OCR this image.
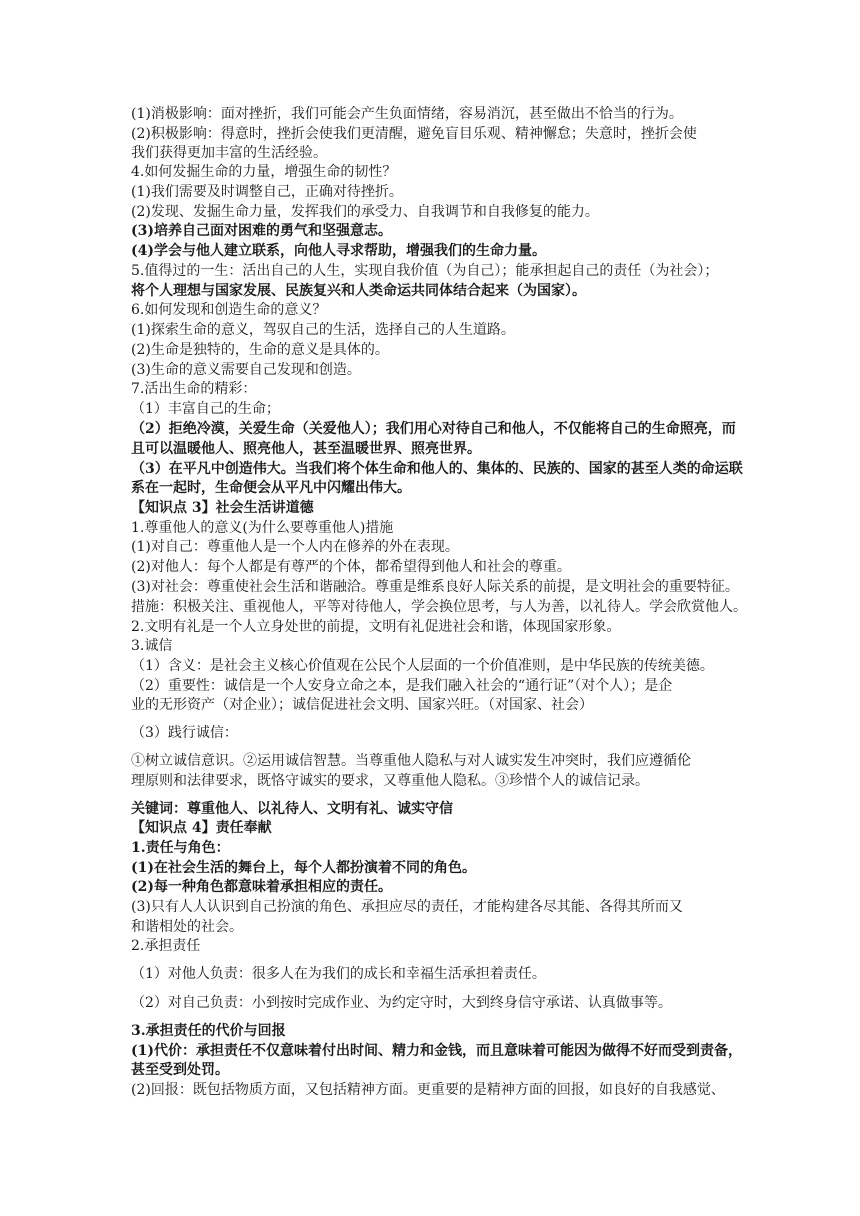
(1)消极影响：面对挫折，我们可能会产生负面情绪，容易消沉，甚至做出不恰当的行为。
(2)积极影响：得意时，挫折会使我们更清醒，避免盲目乐观、精神懈怠；失意时，挫折会使
我们获得更加丰富的生活经验。
4.如何发掘生命的力量，增强生命的韧性？
(1)我们需要及时调整自己，正确对待挫折。
(2)发现、发掘生命力量，发挥我们的承受力、自我调节和自我修复的能力。
(3)培养自己面对困难的勇气和坚强意志。
(4)学会与他人建立联系，向他人寻求帮助，增强我们的生命力量。
5.值得过的一生：活出自己的人生，实现自我价值（为自己）；能承担起自己的责任（为社会）；
将个人理想与国家发展、民族复兴和人类命运共同体结合起来（为国家）。
6.如何发现和创造生命的意义？
(1)探索生命的意义，驾驭自己的生活，选择自己的人生道路。
(2)生命是独特的，生命的意义是具体的。
(3)生命的意义需要自己发现和创造。
7.活出生命的精彩：
（1）丰富自己的生命；
（2）拒绝冷漠，关爱生命（关爱他人）；我们用心对待自己和他人，不仅能将自己的生命照亮，而
且可以温暖他人、照亮他人，甚至温暖世界、照亮世界。
（3）在平凡中创造伟大。当我们将个体生命和他人的、集体的、民族的、国家的甚至人类的命运联
系在一起时，生命便会从平凡中闪耀出伟大。
【知识点 3】社会生活讲道德
1.尊重他人的意义(为什么要尊重他人)措施
(1)对自己：尊重他人是一个人内在修养的外在表现。
(2)对他人：每个人都是有尊严的个体，都希望得到他人和社会的尊重。
(3)对社会：尊重使社会生活和谐融洽。尊重是维系良好人际关系的前提，是文明社会的重要特征。
措施：积极关注、重视他人，平等对待他人，学会换位思考，与人为善，以礼待人。学会欣赏他人。
2.文明有礼是一个人立身处世的前提，文明有礼促进社会和谐，体现国家形象。
3.诚信
（1）含义：是社会主义核心价值观在公民个人层面的一个价值准则，是中华民族的传统美德。
（2）重要性：诚信是一个人安身立命之本，是我们融入社会的“通行证”（对个人）；是企
业的无形资产（对企业）；诚信促进社会文明、国家兴旺。（对国家、社会）
（3）践行诚信：
①树立诚信意识。②运用诚信智慧。当尊重他人隐私与对人诚实发生冲突时，我们应遵循伦
理原则和法律要求，既恪守诚实的要求，又尊重他人隐私。③珍惜个人的诚信记录。
关键词：尊重他人、以礼待人、文明有礼、诚实守信
【知识点 4】责任奉献
1.责任与角色：
(1)在社会生活的舞台上，每个人都扮演着不同的角色。
(2)每一种角色都意味着承担相应的责任。
(3)只有人人认识到自己扮演的角色、承担应尽的责任，才能构建各尽其能、各得其所而又
和谐相处的社会。
2.承担责任
（1）对他人负责：很多人在为我们的成长和幸福生活承担着责任。
（2）对自己负责：小到按时完成作业、为约定守时，大到终身信守承诺、认真做事等。
3.承担责任的代价与回报
(1)代价：承担责任不仅意味着付出时间、精力和金钱，而且意味着可能因为做得不好而受到责备，
甚至受到处罚。
(2)回报：既包括物质方面，又包括精神方面。更重要的是精神方面的回报，如良好的自我感觉、
